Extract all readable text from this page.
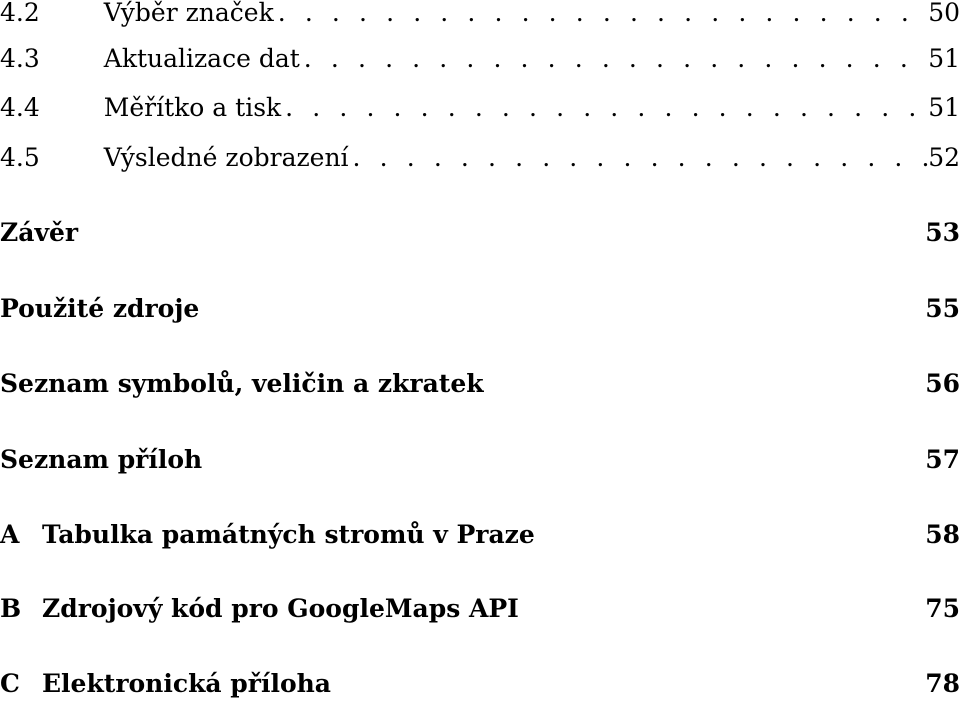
4.2	Výběr značek . . .	50
4.3	Aktualizace dat . . .	51
4.4	Měřítko a tisk . . .	51
4.5	Výsledné zobrazení . . .	52
Závěr	53
Použité zdroje	55
Seznam symbolů, veličin a zkratek	56
Seznam příloh	57
A Tabulka památných stromů v Praze	58
B Zdrojový kód pro GoogleMaps API	75
C Elektronická příloha	78
